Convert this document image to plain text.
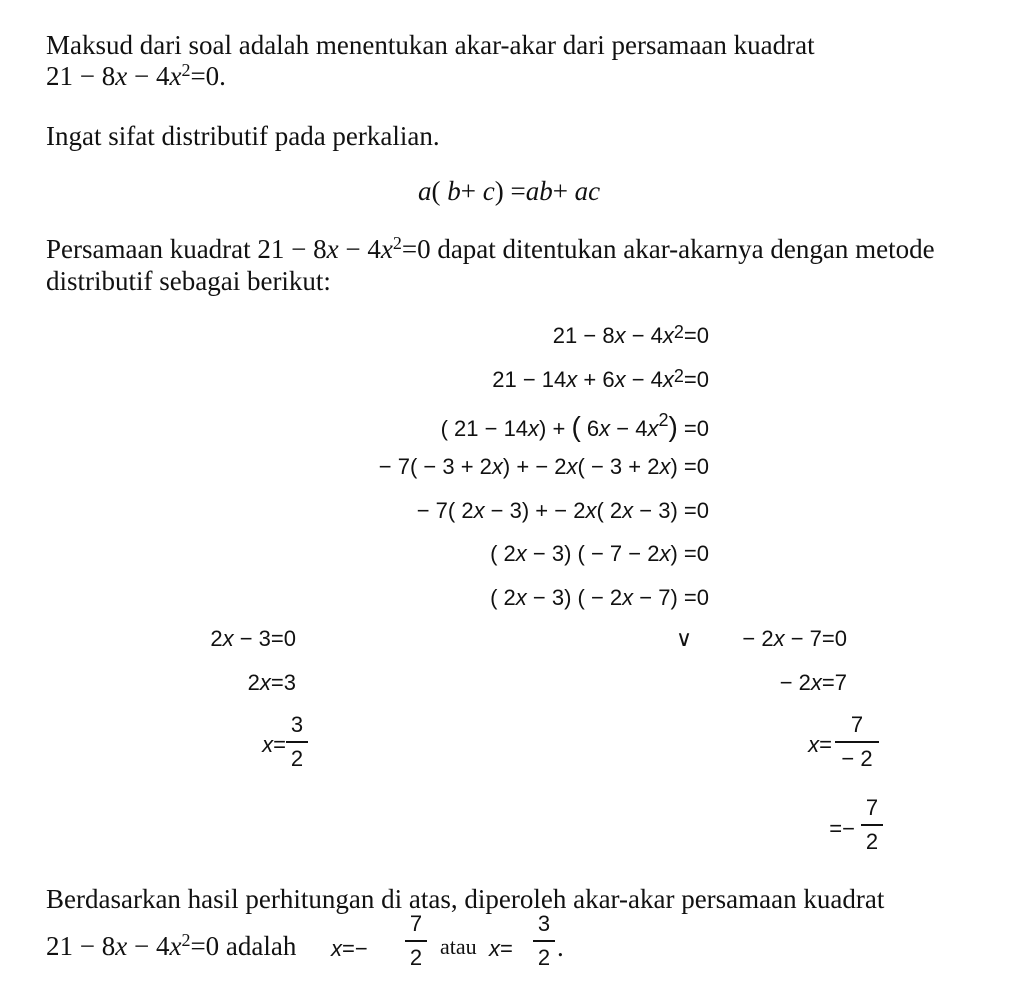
Maksud dari soal adalah menentukan akar-akar dari persamaan kuadrat
$21 - 8x - 4x^2=0$.
Ingat sifat distributif pada perkalian.
a( b+ c) =ab+ ac
Persamaan kuadrat $21 - 8x - 4x^2=0$ dapat ditentukan akar-akarnya dengan metode
distributif sebagai berikut:
$21 - 8x - 4x^2=0$
$21 - 14x + 6x - 4x^2=0$
( 21 − 14x) + ( $6x - 4x^2) =0$
− 7( − 3 + 2x) + − 2x( − 3 + 2x) =0
− 7( 2x − 3) + − 2x( 2x − 3) =0
( 2x − 3) ( − 7 − 2x) =0
( 2x − 3) ( − 2x − 7) =0
2x − 3=0
2x=3
x=
3
2
∨ − 2x − 7=0
− 2x=7
x=
7
− 2
=−
7
2
Berdasarkan hasil perhitungan di atas, diperoleh akar-akar persamaan kuadrat
$21 - 8x - 4x^2=0$ adalah x=−
7
2 atau x=
3
2 .
